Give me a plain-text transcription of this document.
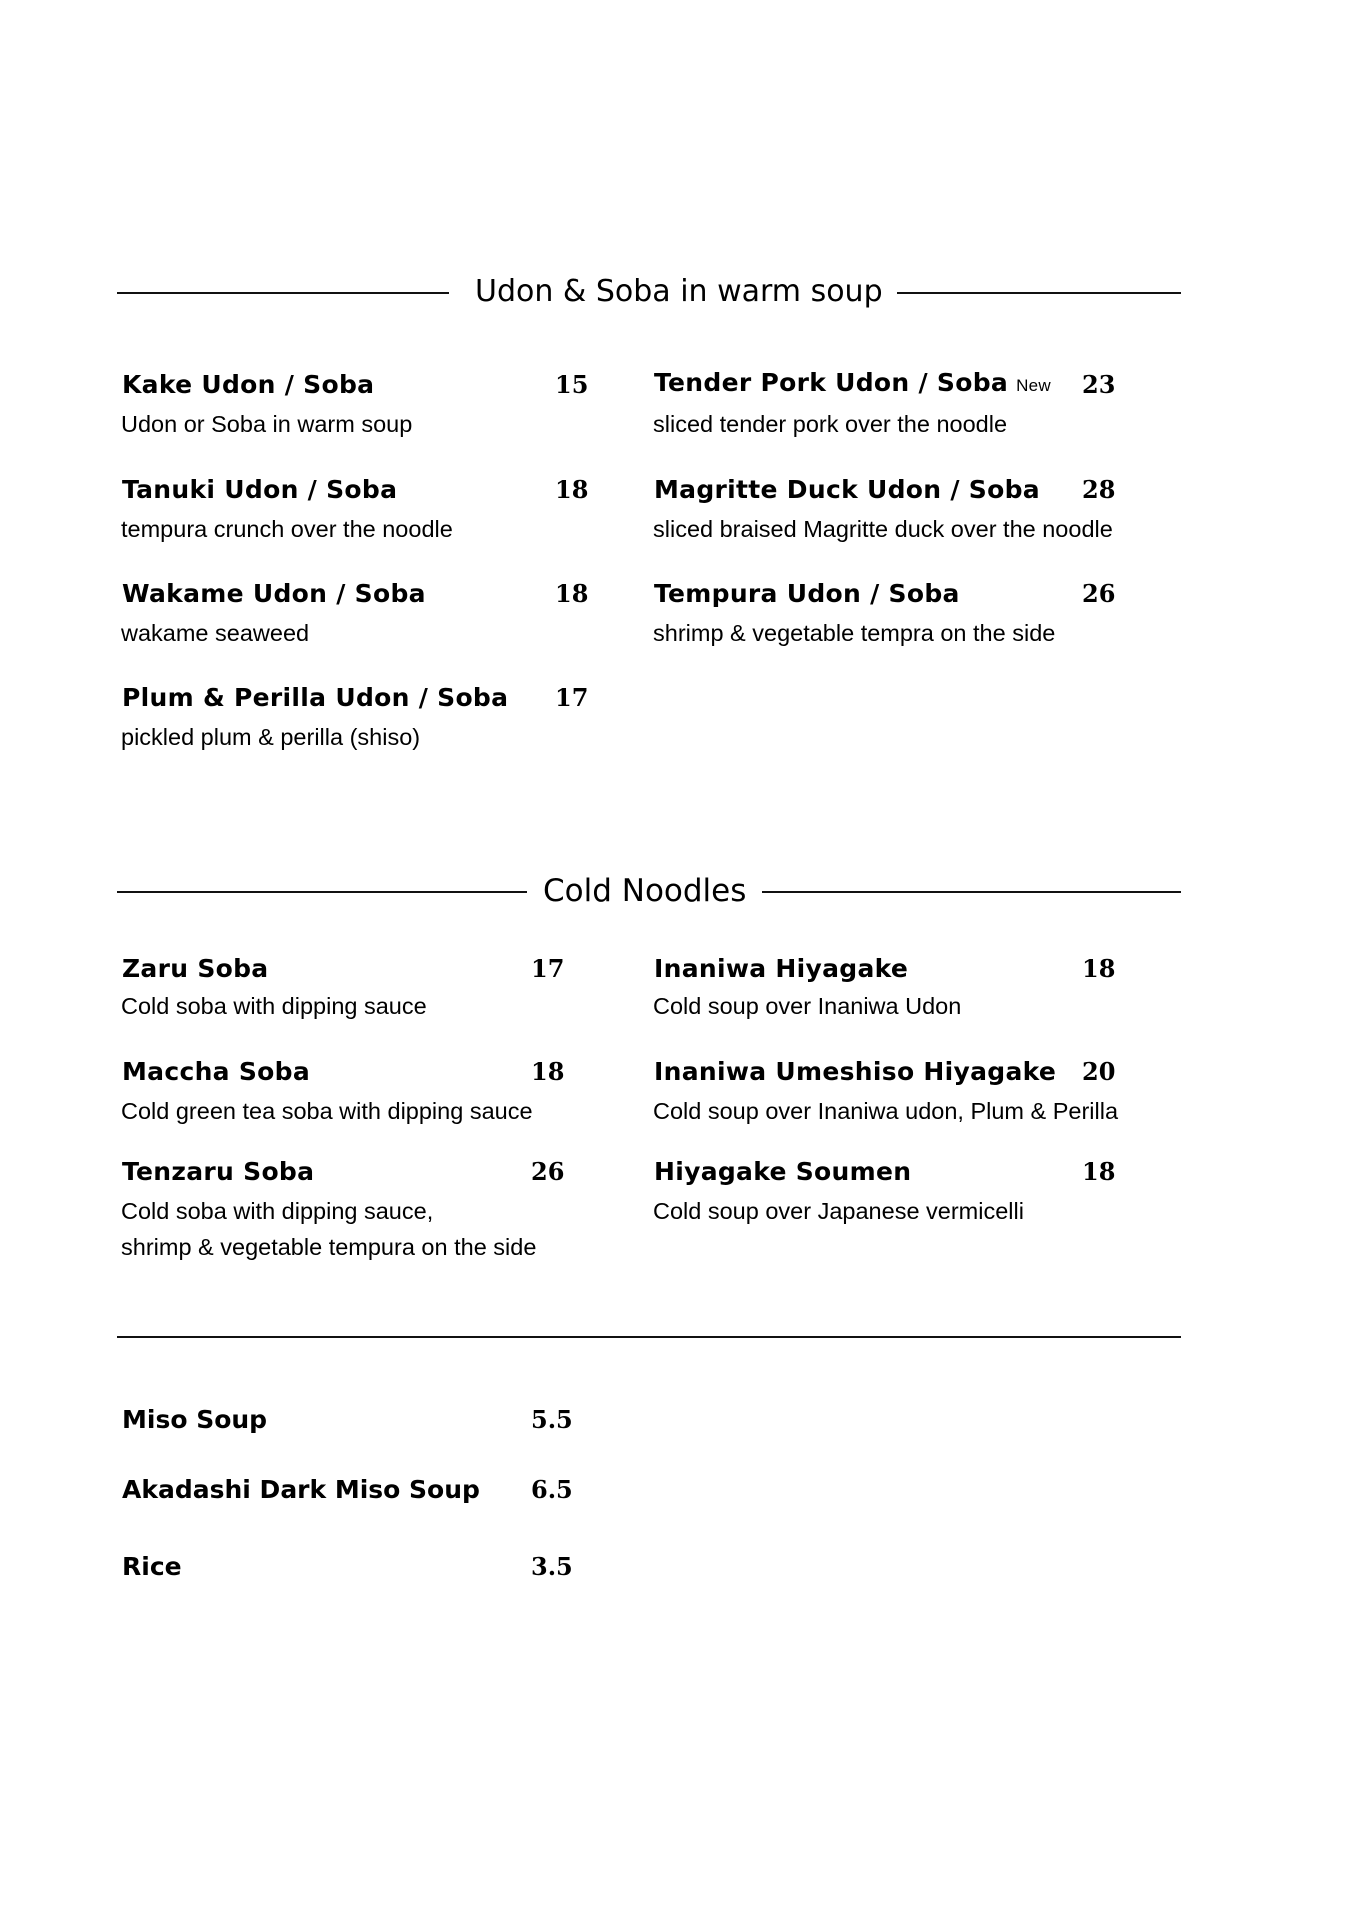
Udon & Soba in warm soup
Kake Udon / Soba	15
Udon or Soba in warm soup
Tanuki Udon / Soba	18
tempura crunch over the noodle
Wakame Udon / Soba	18
wakame seaweed
Plum & Perilla Udon / Soba 17
pickled plum & perilla (shiso)
Tender Pork Udon / Soba New 23
sliced tender pork over the noodle
Magritte Duck Udon / Soba 28
sliced braised Magritte duck over the noodle
Tempura Udon / Soba	26
shrimp & vegetable tempra on the side
Cold Noodles
Zaru Soba	17
Cold soba with dipping sauce
Maccha Soba	18
Cold green tea soba with dipping sauce
Tenzaru Soba	26
Cold soba with dipping sauce,
shrimp & vegetable tempura on the side
Inaniwa Hiyagake	18
Cold soup over Inaniwa Udon
Inaniwa Umeshiso Hiyagake 20
Cold soup over Inaniwa udon, Plum & Perilla
Hiyagake Soumen	18
Cold soup over Japanese vermicelli
Miso Soup	5.5
Akadashi Dark Miso Soup 6.5
Rice	3.5
